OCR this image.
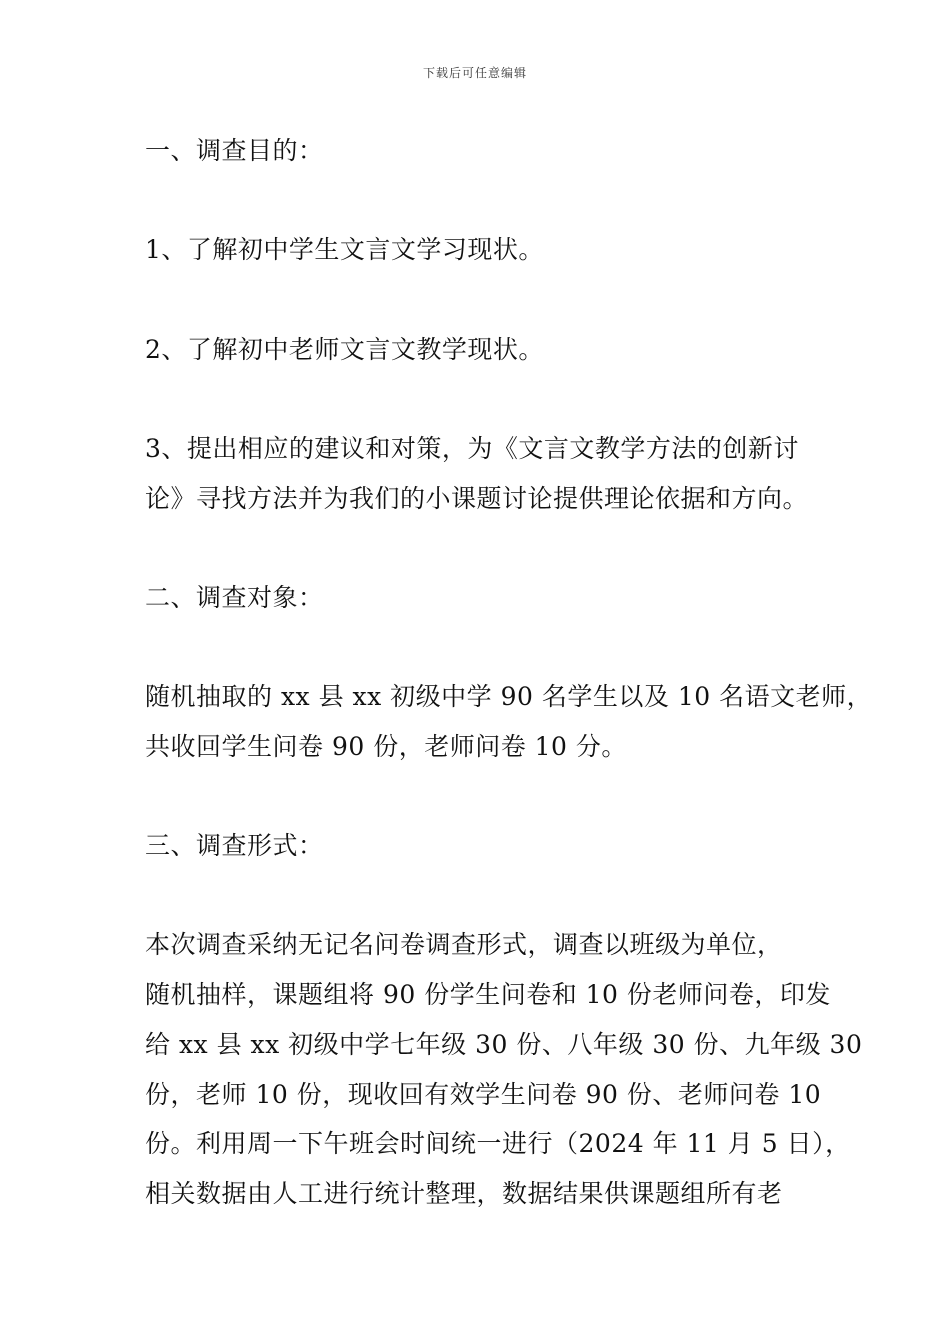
下载后可任意编辑
一、调查目的：
1、了解初中学生文言文学习现状。
2、了解初中老师文言文教学现状。
3、提出相应的建议和对策，为《文言文教学方法的创新讨
论》寻找方法并为我们的小课题讨论提供理论依据和方向。
二、调查对象：
随机抽取的 xx 县 xx 初级中学 90 名学生以及 10 名语文老师，
共收回学生问卷 90 份，老师问卷 10 分。
三、调查形式：
本次调查采纳无记名问卷调查形式，调查以班级为单位，
随机抽样，课题组将 90 份学生问卷和 10 份老师问卷，印发
给 xx 县 xx 初级中学七年级 30 份、八年级 30 份、九年级 30
份，老师 10 份，现收回有效学生问卷 90 份、老师问卷 10
份。利用周一下午班会时间统一进行（2024 年 11 月 5 日），
相关数据由人工进行统计整理，数据结果供课题组所有老
